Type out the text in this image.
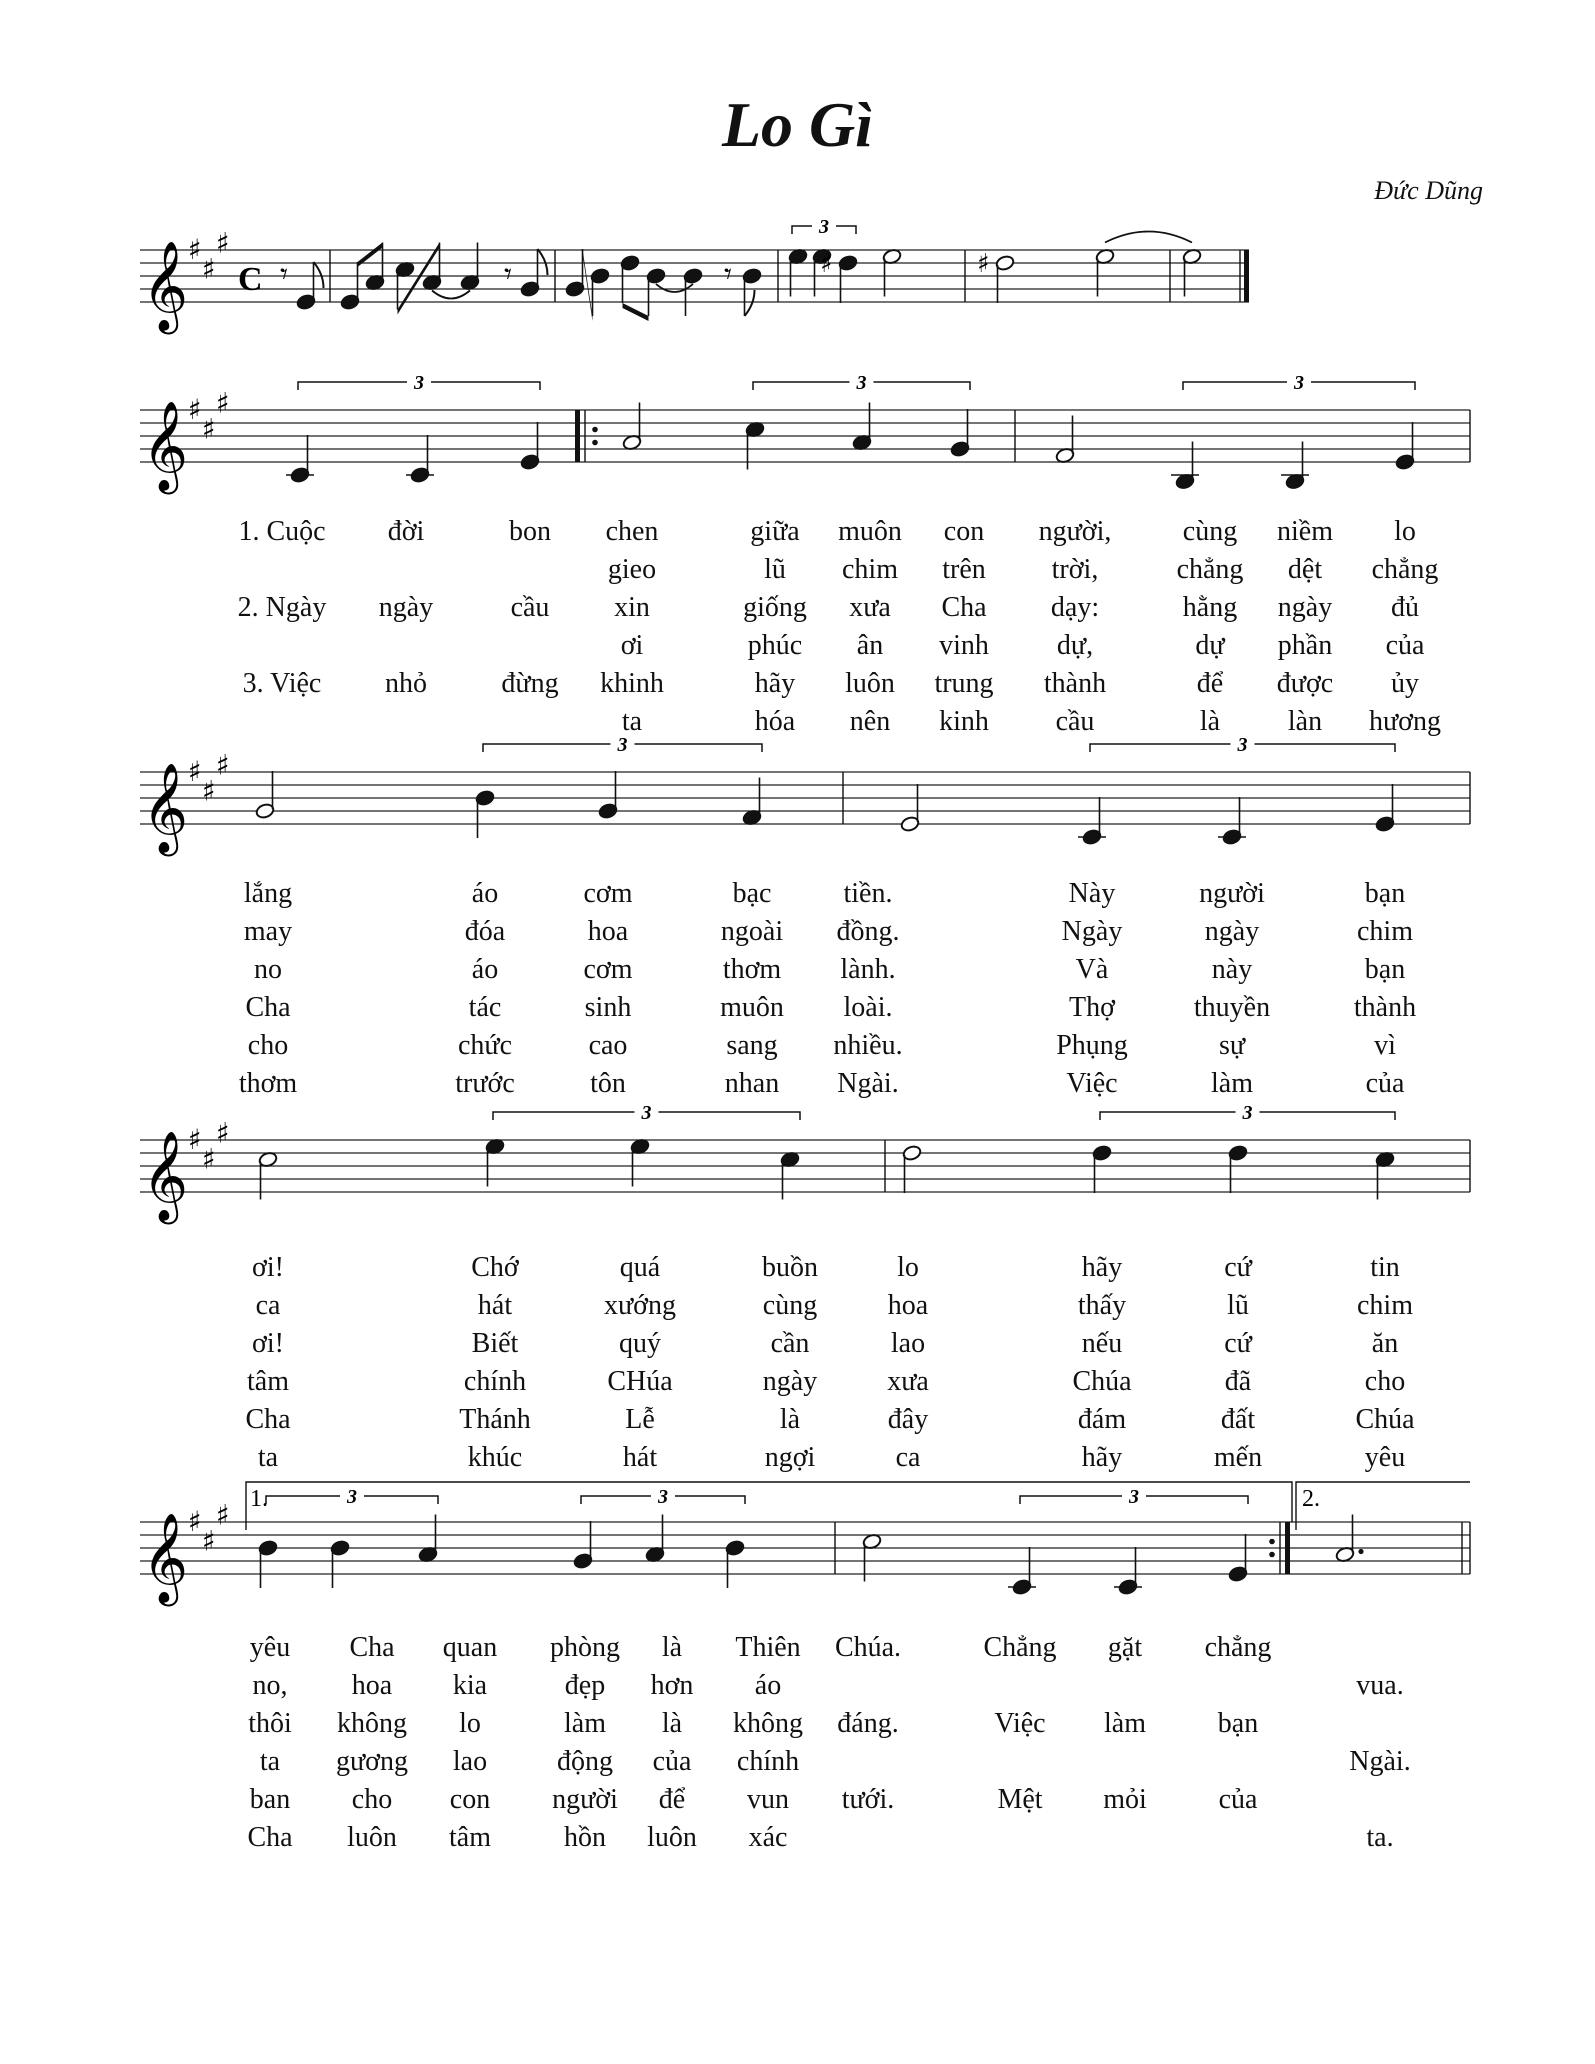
Lo Gì
Đức Dũng
𝄞 ♯
♯
♯
C 𝄾	𝄾	𝄾	♯
3
♯
𝄞 ♯
♯
♯
3	3	3
1. Cuộc đời	bon chen	giữa muôn con người,	cùng niềm lo
gieo	lũ chim trên trời,	chẳng dệt chẳng
2. Ngày ngày	cầu xin	giống xưa Cha dạy:	hằng ngày đủ
ơi	phúc ân vinh dự,	dự phần của
3. Việc nhỏ	đừng khinh	hãy luôn trung thành	để được ủy
ta	hóa nên kinh cầu	là làn hương
𝄞 ♯
♯
♯
3	3
lắng	áo	cơm	bạc	tiền.	Này	người	bạn
may	đóa	hoa	ngoài đồng.	Ngày	ngày	chim
no	áo	cơm	thơm lành.	Và	này	bạn
Cha	tác	sinh	muôn loài.	Thợ	thuyền	thành
cho	chức	cao	sang nhiều.	Phụng	sự	vì
thơm	trước	tôn	nhan Ngài.	Việc	làm	của
𝄞 ♯
♯
♯
3	3
ơi!	Chớ	quá	buồn	lo	hãy	cứ	tin
ca	hát	xướng	cùng	hoa	thấy	lũ	chim
ơi!	Biết	quý	cần	lao	nếu	cứ	ăn
tâm	chính	CHúa	ngày xưa	Chúa	đã	cho
Cha	Thánh	Lễ	là	đây	đám	đất	Chúa
ta	khúc	hát	ngợi	ca	hãy	mến	yêu
𝄞 ♯
♯
♯
3	3	3
1.	2.
yêu Cha quan phòng là Thiên Chúa.	Chẳng gặt chẳng
no, hoa kia	đẹp hơn áo	vua.
thôi không lo	làm là không đáng.	Việc làm	bạn
ta gương lao động của chính	Ngài.
ban cho con người để vun tưới.	Mệt mỏi	của
Cha luôn tâm	hồn luôn xác	ta.
